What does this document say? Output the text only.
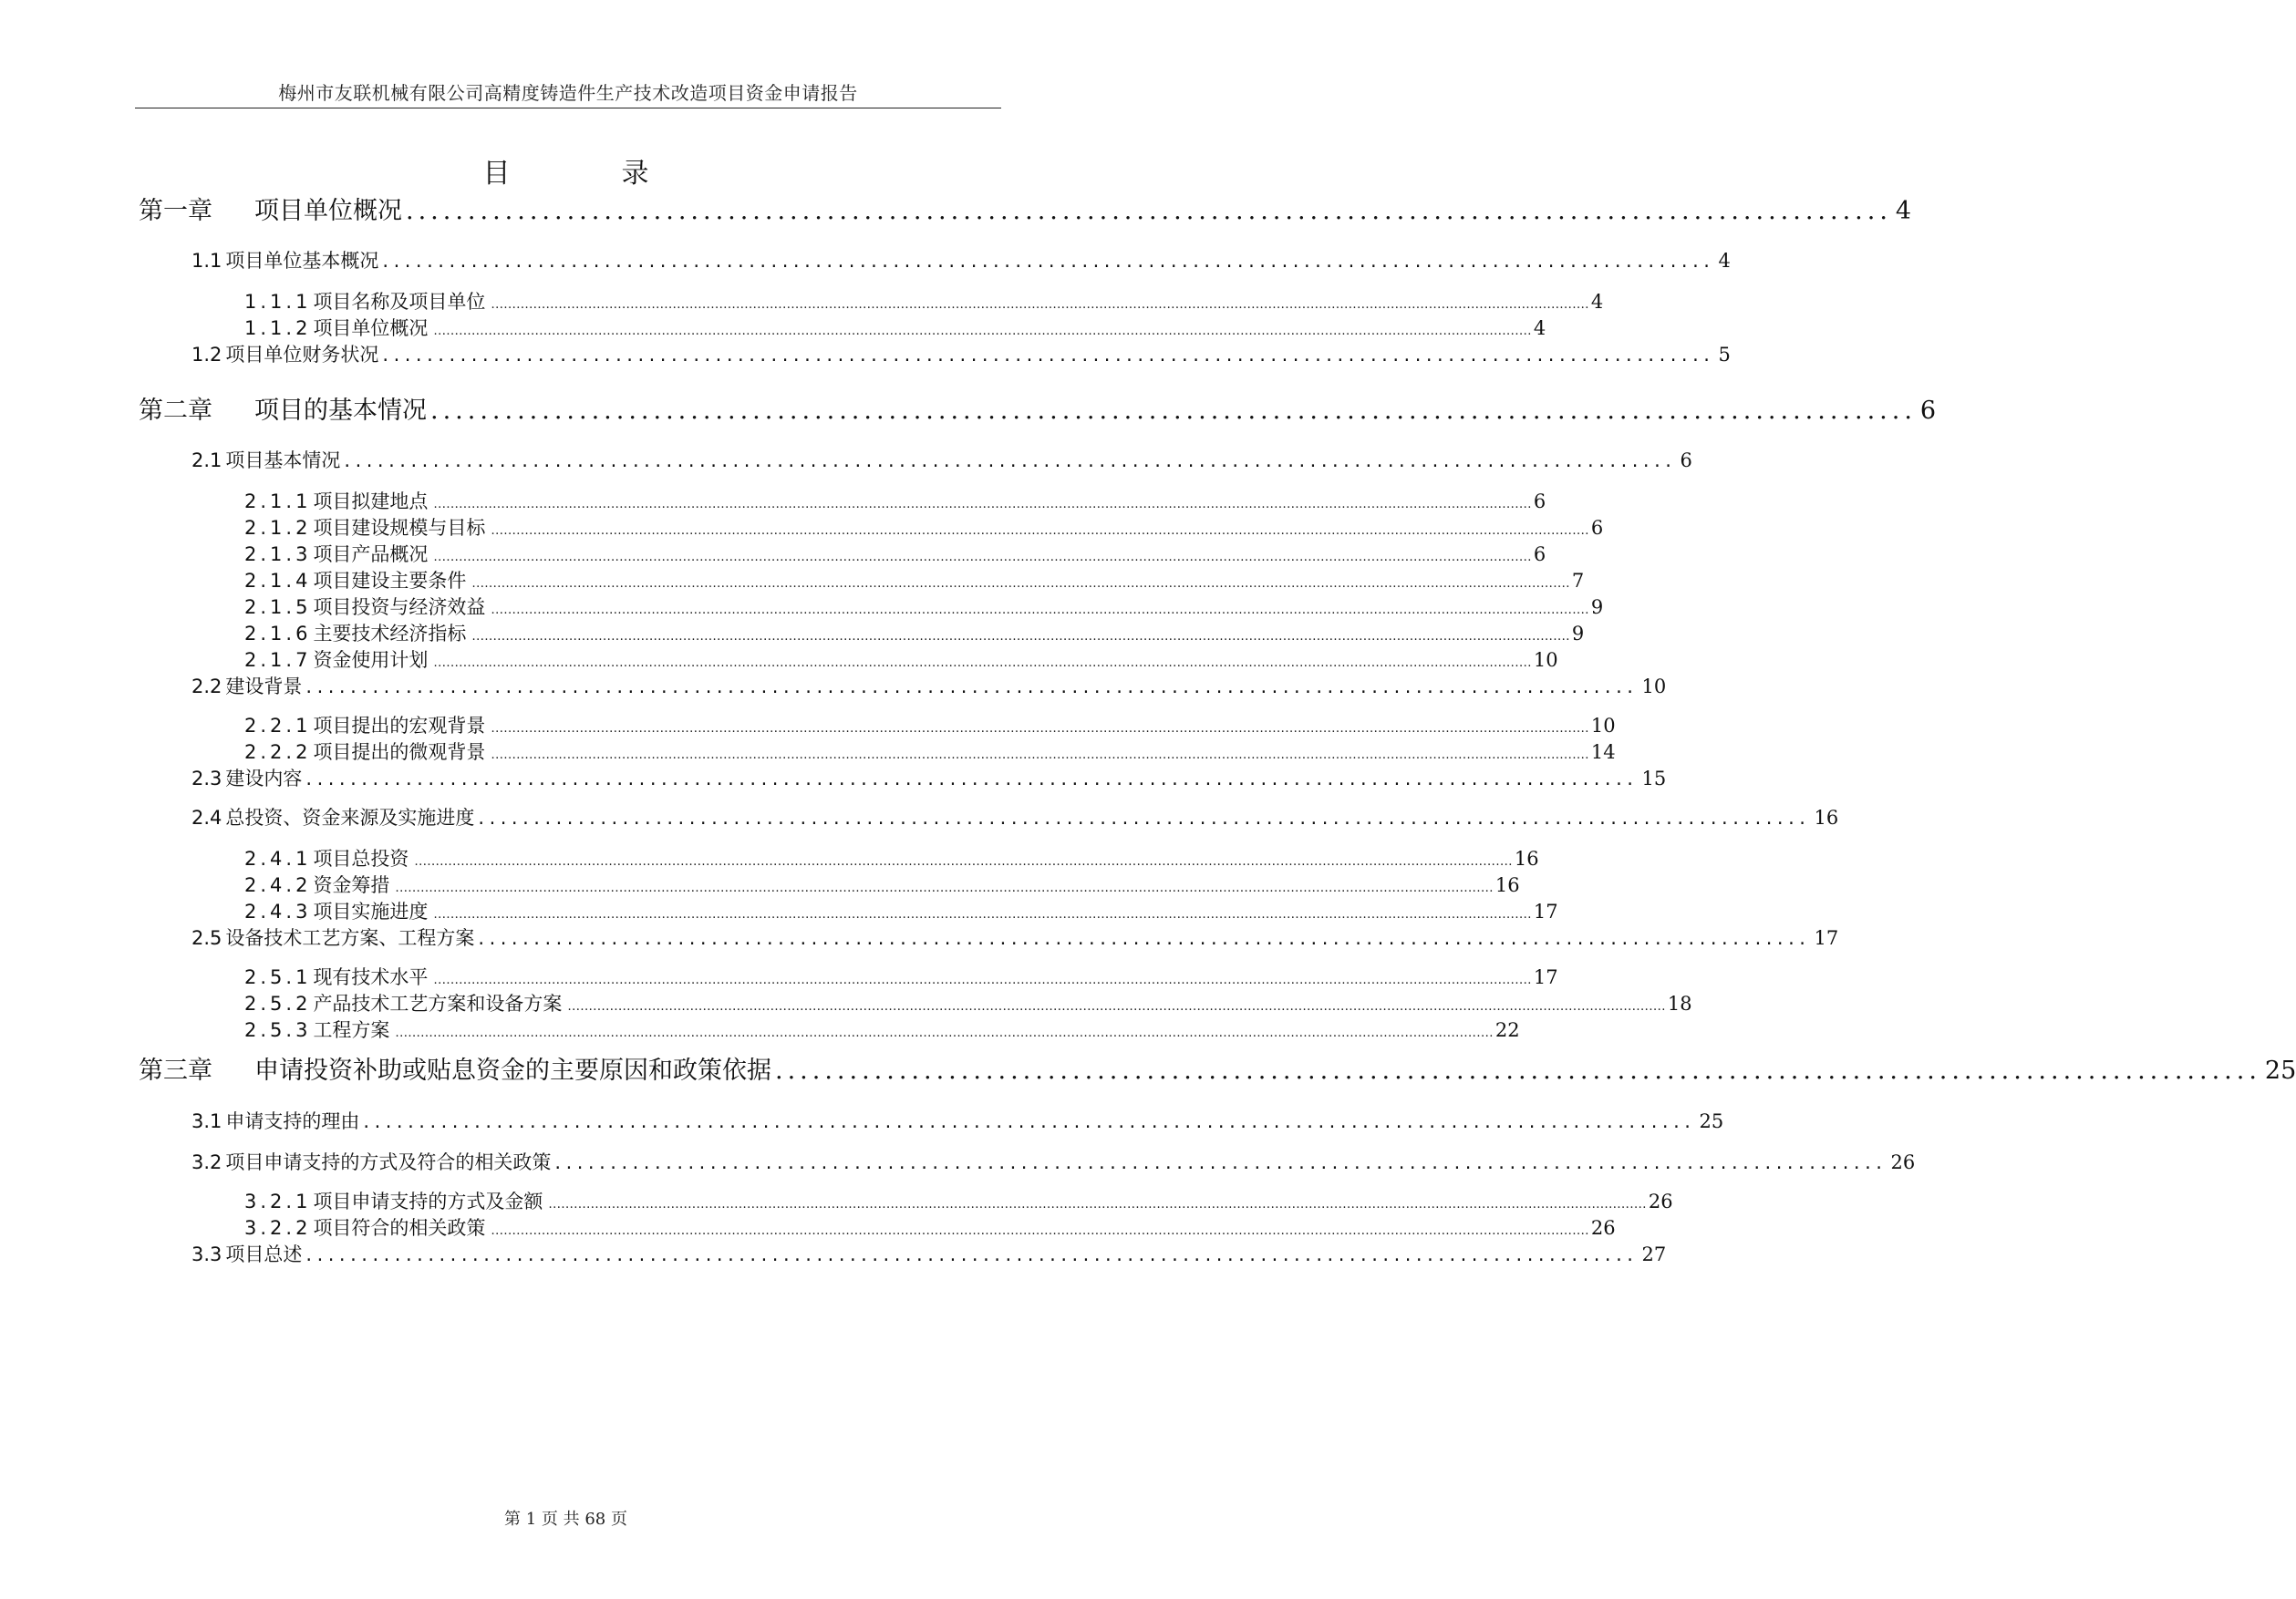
梅州市友联机械有限公司高精度铸造件生产技术改造项目资金申请报告
目　录
第一章 项目单位概况 ........................................................................................................................ 4
1.1 项目单位基本概况 ........................................................................................................................ 4
1.1.1项目名称及项目单位 .................................................................................................................................................................................................................................................................... 4
1.1.2项目单位概况 .................................................................................................................................................................................................................................................................... 4
1.2 项目单位财务状况 ........................................................................................................................ 5
第二章 项目的基本情况 ........................................................................................................................ 6
2.1 项目基本情况 ........................................................................................................................ 6
2.1.1项目拟建地点 .................................................................................................................................................................................................................................................................... 6
2.1.2项目建设规模与目标 .................................................................................................................................................................................................................................................................... 6
2.1.3项目产品概况 .................................................................................................................................................................................................................................................................... 6
2.1.4项目建设主要条件 .................................................................................................................................................................................................................................................................... 7
2.1.5项目投资与经济效益 .................................................................................................................................................................................................................................................................... 9
2.1.6主要技术经济指标 .................................................................................................................................................................................................................................................................... 9
2.1.7资金使用计划 .................................................................................................................................................................................................................................................................... 10
2.2 建设背景 ........................................................................................................................ 10
2.2.1项目提出的宏观背景 .................................................................................................................................................................................................................................................................... 10
2.2.2项目提出的微观背景 .................................................................................................................................................................................................................................................................... 14
2.3 建设内容 ........................................................................................................................ 15
2.4 总投资、资金来源及实施进度 ........................................................................................................................ 16
2.4.1项目总投资 .................................................................................................................................................................................................................................................................... 16
2.4.2资金筹措 .................................................................................................................................................................................................................................................................... 16
2.4.3项目实施进度 .................................................................................................................................................................................................................................................................... 17
2.5 设备技术工艺方案、工程方案 ........................................................................................................................ 17
2.5.1现有技术水平 .................................................................................................................................................................................................................................................................... 17
2.5.2产品技术工艺方案和设备方案 .................................................................................................................................................................................................................................................................... 18
2.5.3工程方案 .................................................................................................................................................................................................................................................................... 22
第三章 申请投资补助或贴息资金的主要原因和政策依据 ........................................................................................................................ 25
3.1 申请支持的理由 ........................................................................................................................ 25
3.2 项目申请支持的方式及符合的相关政策 ........................................................................................................................ 26
3.2.1项目申请支持的方式及金额 .................................................................................................................................................................................................................................................................... 26
3.2.2项目符合的相关政策 .................................................................................................................................................................................................................................................................... 26
3.3 项目总述 ........................................................................................................................ 27
第 1 页 共 68 页
